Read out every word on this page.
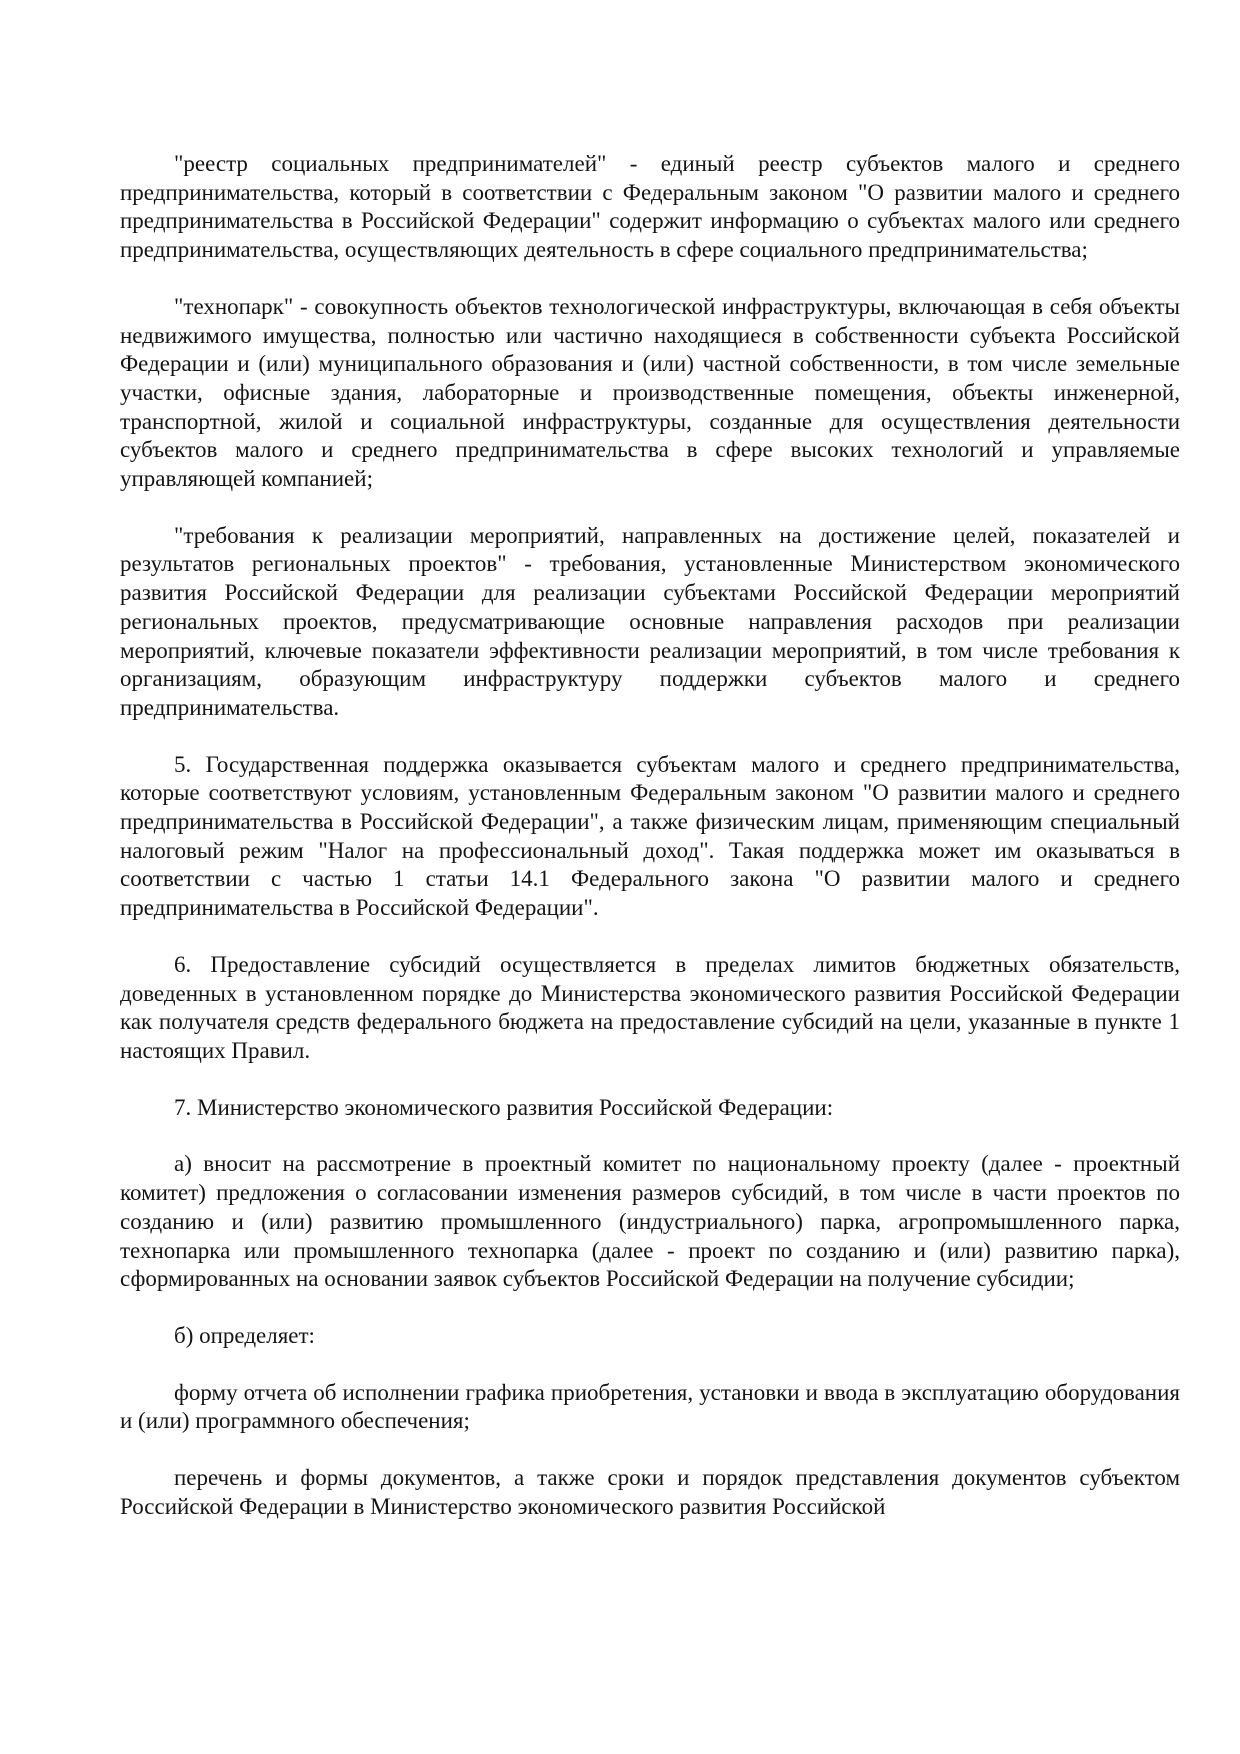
"реестр социальных предпринимателей" - единый реестр субъектов малого и среднего предпринимательства, который в соответствии с Федеральным законом "О развитии малого и среднего предпринимательства в Российской Федерации" содержит информацию о субъектах малого или среднего предпринимательства, осуществляющих деятельность в сфере социального предпринимательства;

"технопарк" - совокупность объектов технологической инфраструктуры, включающая в себя объекты недвижимого имущества, полностью или частично находящиеся в собственности субъекта Российской Федерации и (или) муниципального образования и (или) частной собственности, в том числе земельные участки, офисные здания, лабораторные и производственные помещения, объекты инженерной, транспортной, жилой и социальной инфраструктуры, созданные для осуществления деятельности субъектов малого и среднего предпринимательства в сфере высоких технологий и управляемые управляющей компанией;

"требования к реализации мероприятий, направленных на достижение целей, показателей и результатов региональных проектов" - требования, установленные Министерством экономического развития Российской Федерации для реализации субъектами Российской Федерации мероприятий региональных проектов, предусматривающие основные направления расходов при реализации мероприятий, ключевые показатели эффективности реализации мероприятий, в том числе требования к организациям, образующим инфраструктуру поддержки субъектов малого и среднего предпринимательства.

5. Государственная поддержка оказывается субъектам малого и среднего предпринимательства, которые соответствуют условиям, установленным Федеральным законом "О развитии малого и среднего предпринимательства в Российской Федерации", а также физическим лицам, применяющим специальный налоговый режим "Налог на профессиональный доход". Такая поддержка может им оказываться в соответствии с частью 1 статьи 14.1 Федерального закона "О развитии малого и среднего предпринимательства в Российской Федерации".

6. Предоставление субсидий осуществляется в пределах лимитов бюджетных обязательств, доведенных в установленном порядке до Министерства экономического развития Российской Федерации как получателя средств федерального бюджета на предоставление субсидий на цели, указанные в пункте 1 настоящих Правил.

7. Министерство экономического развития Российской Федерации:

а) вносит на рассмотрение в проектный комитет по национальному проекту (далее - проектный комитет) предложения о согласовании изменения размеров субсидий, в том числе в части проектов по созданию и (или) развитию промышленного (индустриального) парка, агропромышленного парка, технопарка или промышленного технопарка (далее - проект по созданию и (или) развитию парка), сформированных на основании заявок субъектов Российской Федерации на получение субсидии;

б) определяет:

форму отчета об исполнении графика приобретения, установки и ввода в эксплуатацию оборудования и (или) программного обеспечения;

перечень и формы документов, а также сроки и порядок представления документов субъектом Российской Федерации в Министерство экономического развития Российской
